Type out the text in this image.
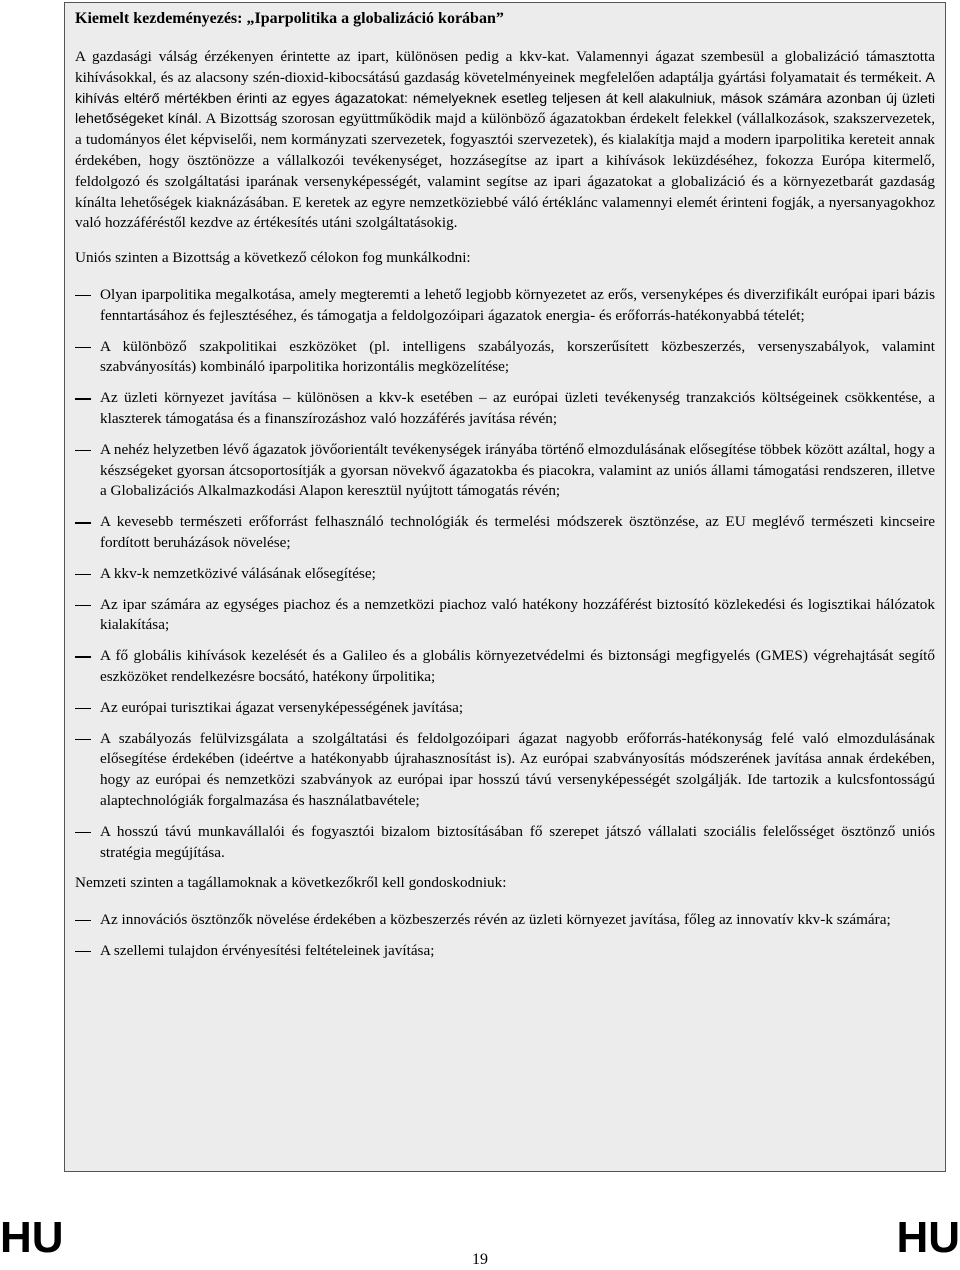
Kiemelt kezdeményezés: „Iparpolitika a globalizáció korában”

A gazdasági válság érzékenyen érintette az ipart, különösen pedig a kkv-kat. Valamennyi ágazat szembesül a globalizáció támasztotta kihívásokkal, és az alacsony szén-dioxid-kibocsátású gazdaság követelményeinek megfelelően adaptálja gyártási folyamatait és termékeit. A kihívás eltérő mértékben érinti az egyes ágazatokat: némelyeknek esetleg teljesen át kell alakulniuk, mások számára azonban új üzleti lehetőségeket kínál. A Bizottság szorosan együttműködik majd a különböző ágazatokban érdekelt felekkel (vállalkozások, szakszervezetek, a tudományos élet képviselői, nem kormányzati szervezetek, fogyasztói szervezetek), és kialakítja majd a modern iparpolitika kereteit annak érdekében, hogy ösztönözze a vállalkozói tevékenységet, hozzásegítse az ipart a kihívások leküzdéséhez, fokozza Európa kitermelő, feldolgozó és szolgáltatási iparának versenyképességét, valamint segítse az ipari ágazatokat a globalizáció és a környezetbarát gazdaság kínálta lehetőségek kiaknázásában. E keretek az egyre nemzetköziebbé váló értéklánc valamennyi elemét érinteni fogják, a nyersanyagokhoz való hozzáféréstől kezdve az értékesítés utáni szolgáltatásokig.

Uniós szinten a Bizottság a következő célokon fog munkálkodni:

Olyan iparpolitika megalkotása, amely megteremti a lehető legjobb környezetet az erős, versenyképes és diverzifikált európai ipari bázis fenntartásához és fejlesztéséhez, és támogatja a feldolgozóipari ágazatok energia- és erőforrás-hatékonyabbá tételét;
A különböző szakpolitikai eszközöket (pl. intelligens szabályozás, korszerűsített közbeszerzés, versenyszabályok, valamint szabványosítás) kombináló iparpolitika horizontális megközelítése;
Az üzleti környezet javítása – különösen a kkv-k esetében – az európai üzleti tevékenység tranzakciós költségeinek csökkentése, a klaszterek támogatása és a finanszírozáshoz való hozzáférés javítása révén;
A nehéz helyzetben lévő ágazatok jövőorientált tevékenységek irányába történő elmozdulásának elősegítése többek között azáltal, hogy a készségeket gyorsan átcsoportosítják a gyorsan növekvő ágazatokba és piacokra, valamint az uniós állami támogatási rendszeren, illetve a Globalizációs Alkalmazkodási Alapon keresztül nyújtott támogatás révén;
A kevesebb természeti erőforrást felhasználó technológiák és termelési módszerek ösztönzése, az EU meglévő természeti kincseire fordított beruházások növelése;
A kkv-k nemzetközivé válásának elősegítése;
Az ipar számára az egységes piachoz és a nemzetközi piachoz való hatékony hozzáférést biztosító közlekedési és logisztikai hálózatok kialakítása;
A fő globális kihívások kezelését és a Galileo és a globális környezetvédelmi és biztonsági megfigyelés (GMES) végrehajtását segítő eszközöket rendelkezésre bocsátó, hatékony űrpolitika;
Az európai turisztikai ágazat versenyképességének javítása;
A szabályozás felülvizsgálata a szolgáltatási és feldolgozóipari ágazat nagyobb erőforrás-hatékonyság felé való elmozdulásának elősegítése érdekében (ideértve a hatékonyabb újrahasznosítást is). Az európai szabványosítás módszerének javítása annak érdekében, hogy az európai és nemzetközi szabványok az európai ipar hosszú távú versenyképességét szolgálják. Ide tartozik a kulcsfontosságú alaptechnológiák forgalmazása és használatbavétele;
A hosszú távú munkavállalói és fogyasztói bizalom biztosításában fő szerepet játszó vállalati szociális felelősséget ösztönző uniós stratégia megújítása.

Nemzeti szinten a tagállamoknak a következőkről kell gondoskodniuk:

Az innovációs ösztönzők növelése érdekében a közbeszerzés révén az üzleti környezet javítása, főleg az innovatív kkv-k számára;
A szellemi tulajdon érvényesítési feltételeinek javítása;
HU	19	HU
